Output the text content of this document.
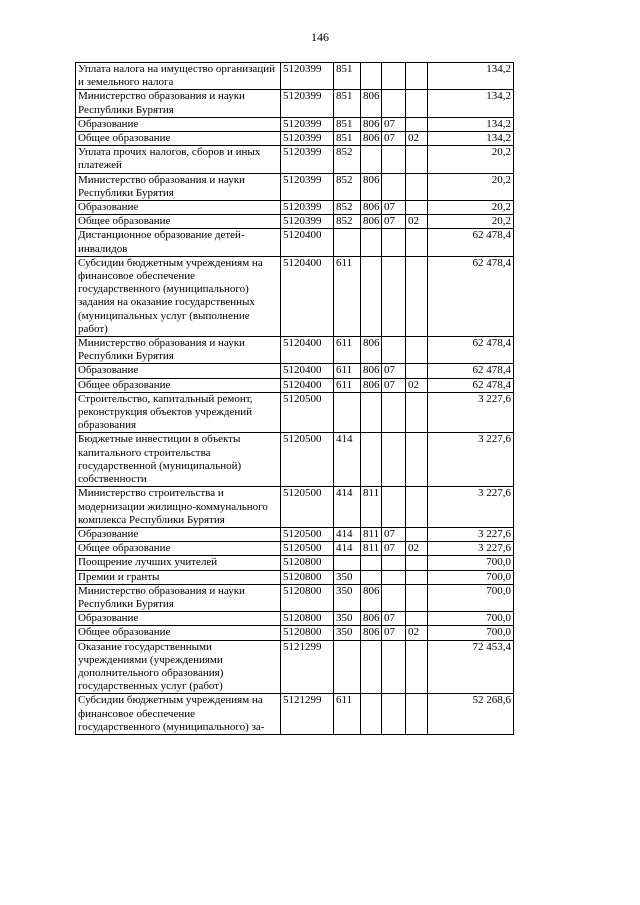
146
Уплата налога на имущество организаций и земельного налога	5120399	851				134,2
Министерство образования и науки Республики Бурятия	5120399	851	806			134,2
Образование	5120399	851	806	07		134,2
Общее образование	5120399	851	806	07	02	134,2
Уплата прочих налогов, сборов и иных платежей	5120399	852				20,2
Министерство образования и науки Республики Бурятия	5120399	852	806			20,2
Образование	5120399	852	806	07		20,2
Общее образование	5120399	852	806	07	02	20,2
Дистанционное образование детей-инвалидов	5120400					62 478,4
Субсидии бюджетным учреждениям на финансовое обеспечение государственного (муниципального) задания на оказание государственных (муниципальных услуг (выполнение работ)	5120400	611				62 478,4
Министерство образования и науки Республики Бурятия	5120400	611	806			62 478,4
Образование	5120400	611	806	07		62 478,4
Общее образование	5120400	611	806	07	02	62 478,4
Строительство, капитальный ремонт, реконструкция объектов учреждений образования	5120500					3 227,6
Бюджетные инвестиции в объекты капитального строительства государственной (муниципальной) собственности	5120500	414				3 227,6
Министерство строительства и модернизации жилищно-коммунального комплекса Республики Бурятия	5120500	414	811			3 227,6
Образование	5120500	414	811	07		3 227,6
Общее образование	5120500	414	811	07	02	3 227,6
Поощрение лучших учителей	5120800					700,0
Премии и гранты	5120800	350				700,0
Министерство образования и науки Республики Бурятия	5120800	350	806			700,0
Образование	5120800	350	806	07		700,0
Общее образование	5120800	350	806	07	02	700,0
Оказание государственными учреждениями (учреждениями дополнительного образования) государственных услуг (работ)	5121299					72 453,4
Субсидии бюджетным учреждениям на финансовое обеспечение государственного (муниципального) за-	5121299	611				52 268,6
